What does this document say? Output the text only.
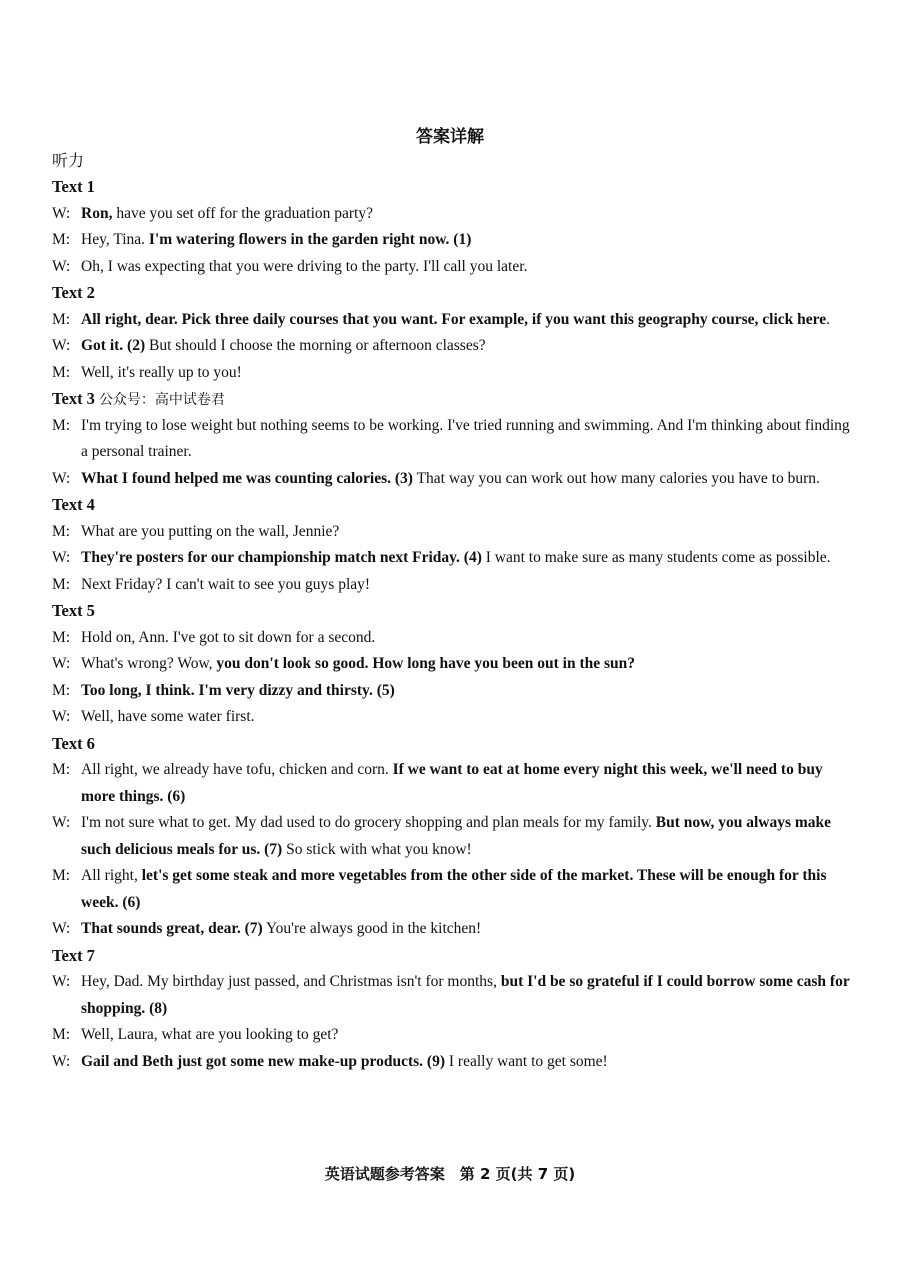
答案详解
听力
Text 1
W: Ron, have you set off for the graduation party?
M: Hey, Tina. I'm watering flowers in the garden right now. (1)
W: Oh, I was expecting that you were driving to the party. I'll call you later.
Text 2
M: All right, dear. Pick three daily courses that you want. For example, if you want this geography course, click here.
W: Got it. (2) But should I choose the morning or afternoon classes?
M: Well, it's really up to you!
Text 3 公众号：高中试卷君
M: I'm trying to lose weight but nothing seems to be working. I've tried running and swimming. And I'm thinking about finding a personal trainer.
W: What I found helped me was counting calories. (3) That way you can work out how many calories you have to burn.
Text 4
M: What are you putting on the wall, Jennie?
W: They're posters for our championship match next Friday. (4) I want to make sure as many students come as possible.
M: Next Friday? I can't wait to see you guys play!
Text 5
M: Hold on, Ann. I've got to sit down for a second.
W: What's wrong? Wow, you don't look so good. How long have you been out in the sun?
M: Too long, I think. I'm very dizzy and thirsty. (5)
W: Well, have some water first.
Text 6
M: All right, we already have tofu, chicken and corn. If we want to eat at home every night this week, we'll need to buy more things. (6)
W: I'm not sure what to get. My dad used to do grocery shopping and plan meals for my family. But now, you always make such delicious meals for us. (7) So stick with what you know!
M: All right, let's get some steak and more vegetables from the other side of the market. These will be enough for this week. (6)
W: That sounds great, dear. (7) You're always good in the kitchen!
Text 7
W: Hey, Dad. My birthday just passed, and Christmas isn't for months, but I'd be so grateful if I could borrow some cash for shopping. (8)
M: Well, Laura, what are you looking to get?
W: Gail and Beth just got some new make-up products. (9) I really want to get some!
英语试题参考答案　第 2 页(共 7 页)
